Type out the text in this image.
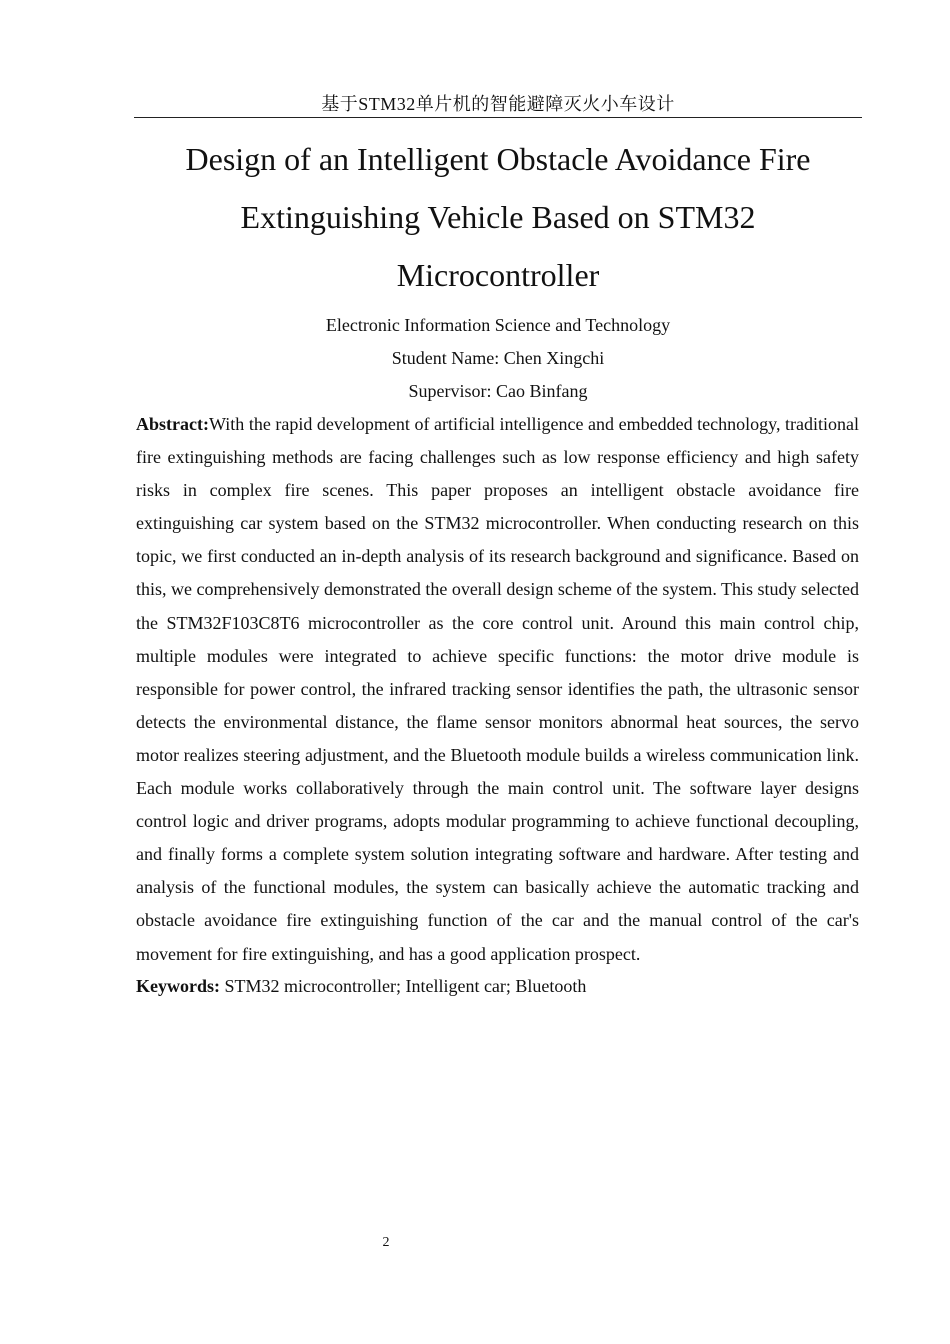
基于STM32单片机的智能避障灭火小车设计
Design of an Intelligent Obstacle Avoidance Fire
Extinguishing Vehicle Based on STM32
Microcontroller
Electronic Information Science and Technology
Student Name: Chen Xingchi
Supervisor: Cao Binfang

Abstract:With the rapid development of artificial intelligence and embedded technology, traditional fire extinguishing methods are facing challenges such as low response efficiency and high safety risks in complex fire scenes. This paper proposes an intelligent obstacle avoidance fire extinguishing car system based on the STM32 microcontroller. When conducting research on this topic, we first conducted an in-depth analysis of its research background and significance. Based on this, we comprehensively demonstrated the overall design scheme of the system. This study selected the STM32F103C8T6 microcontroller as the core control unit. Around this main control chip, multiple modules were integrated to achieve specific functions: the motor drive module is responsible for power control, the infrared tracking sensor identifies the path, the ultrasonic sensor detects the environmental distance, the flame sensor monitors abnormal heat sources, the servo motor realizes steering adjustment, and the Bluetooth module builds a wireless communication link. Each module works collaboratively through the main control unit. The software layer designs control logic and driver programs, adopts modular programming to achieve functional decoupling, and finally forms a complete system solution integrating software and hardware. After testing and analysis of the functional modules, the system can basically achieve the automatic tracking and obstacle avoidance fire extinguishing function of the car and the manual control of the car's movement for fire extinguishing, and has a good application prospect.

Keywords: STM32 microcontroller; Intelligent car; Bluetooth

2
